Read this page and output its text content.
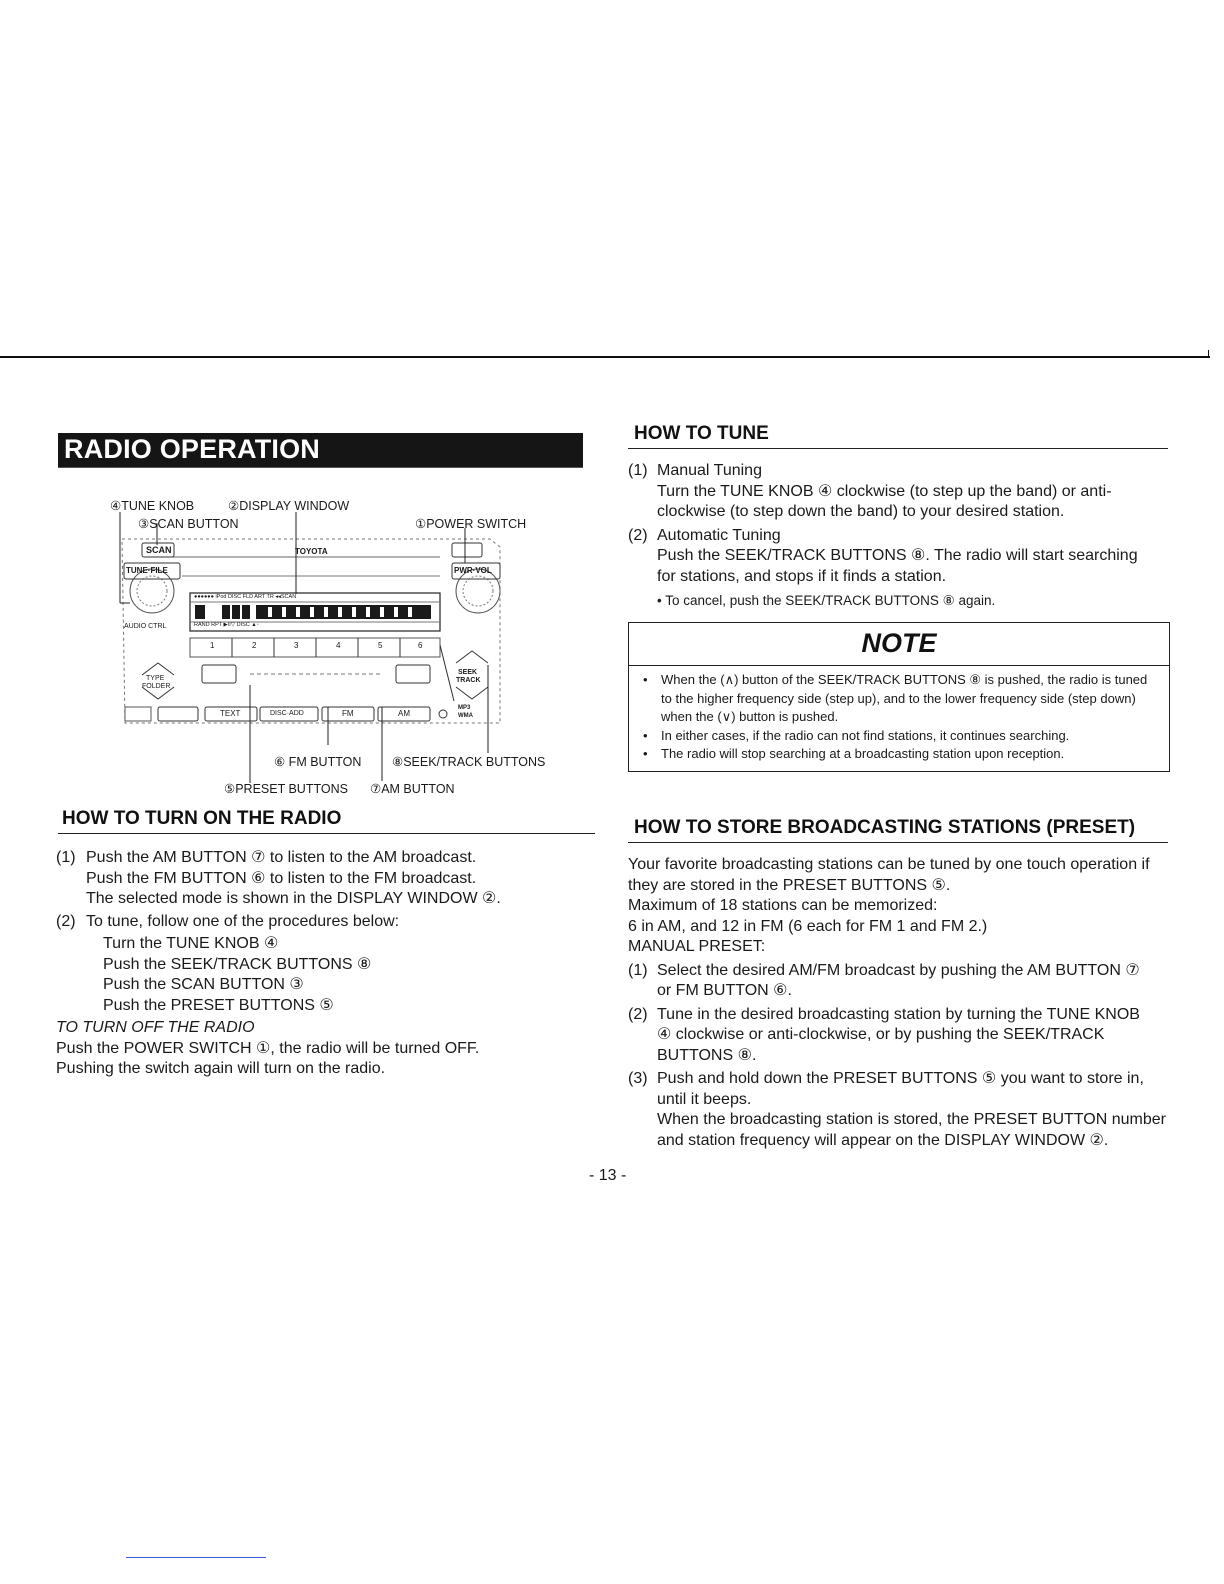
RADIO OPERATION
TOYOTA
SCAN
TUNE·FILE	PWR·VOL
AUDIO CTRL
TYPE
FOLDER
SEEK
TRACK
TEXT	DISC·ADD	FM	AM
MP3
WMA
●●●●●● iPod DISC FLD ART TR ◂◂SCAN
RAND RPT ▶II▽ DISC ▲◦
1	2	3	4	5	6
④TUNE KNOB	②DISPLAY WINDOW
③SCAN BUTTON	①POWER SWITCH
⑥ FM BUTTON ⑧SEEK/TRACK BUTTONS
⑤PRESET BUTTONS ⑦AM BUTTON
HOW TO TURN ON THE RADIO
(1) Push the AM BUTTON ⑦ to listen to the AM broadcast.
Push the FM BUTTON ⑥ to listen to the FM broadcast.
The selected mode is shown in the DISPLAY WINDOW ②.
(2) To tune, follow one of the procedures below:
Turn the TUNE KNOB ④
Push the SEEK/TRACK BUTTONS ⑧
Push the SCAN BUTTON ③
Push the PRESET BUTTONS ⑤
TO TURN OFF THE RADIO
Push the POWER SWITCH ①, the radio will be turned OFF.
Pushing the switch again will turn on the radio.
HOW TO TUNE
(1) Manual Tuning
Turn the TUNE KNOB ④ clockwise (to step up the band) or anti-
clockwise (to step down the band) to your desired station.
(2) Automatic Tuning
Push the SEEK/TRACK BUTTONS ⑧. The radio will start searching
for stations, and stops if it finds a station.
• To cancel, push the SEEK/TRACK BUTTONS ⑧ again.
NOTE
• When the (∧) button of the SEEK/TRACK BUTTONS ⑧ is pushed, the radio is tuned to the higher frequency side (step up), and to the lower frequency side (step down) when the (∨) button is pushed.
• In either cases, if the radio can not find stations, it continues searching.
• The radio will stop searching at a broadcasting station upon reception.
HOW TO STORE BROADCASTING STATIONS (PRESET)
Your favorite broadcasting stations can be tuned by one touch operation if
they are stored in the PRESET BUTTONS ⑤.
Maximum of 18 stations can be memorized:
6 in AM, and 12 in FM (6 each for FM 1 and FM 2.)
MANUAL PRESET:
(1) Select the desired AM/FM broadcast by pushing the AM BUTTON ⑦
or FM BUTTON ⑥.
(2) Tune in the desired broadcasting station by turning the TUNE KNOB
④ clockwise or anti-clockwise, or by pushing the SEEK/TRACK
BUTTONS ⑧.
(3) Push and hold down the PRESET BUTTONS ⑤ you want to store in,
until it beeps.
When the broadcasting station is stored, the PRESET BUTTON number
and station frequency will appear on the DISPLAY WINDOW ②.
- 13 -
